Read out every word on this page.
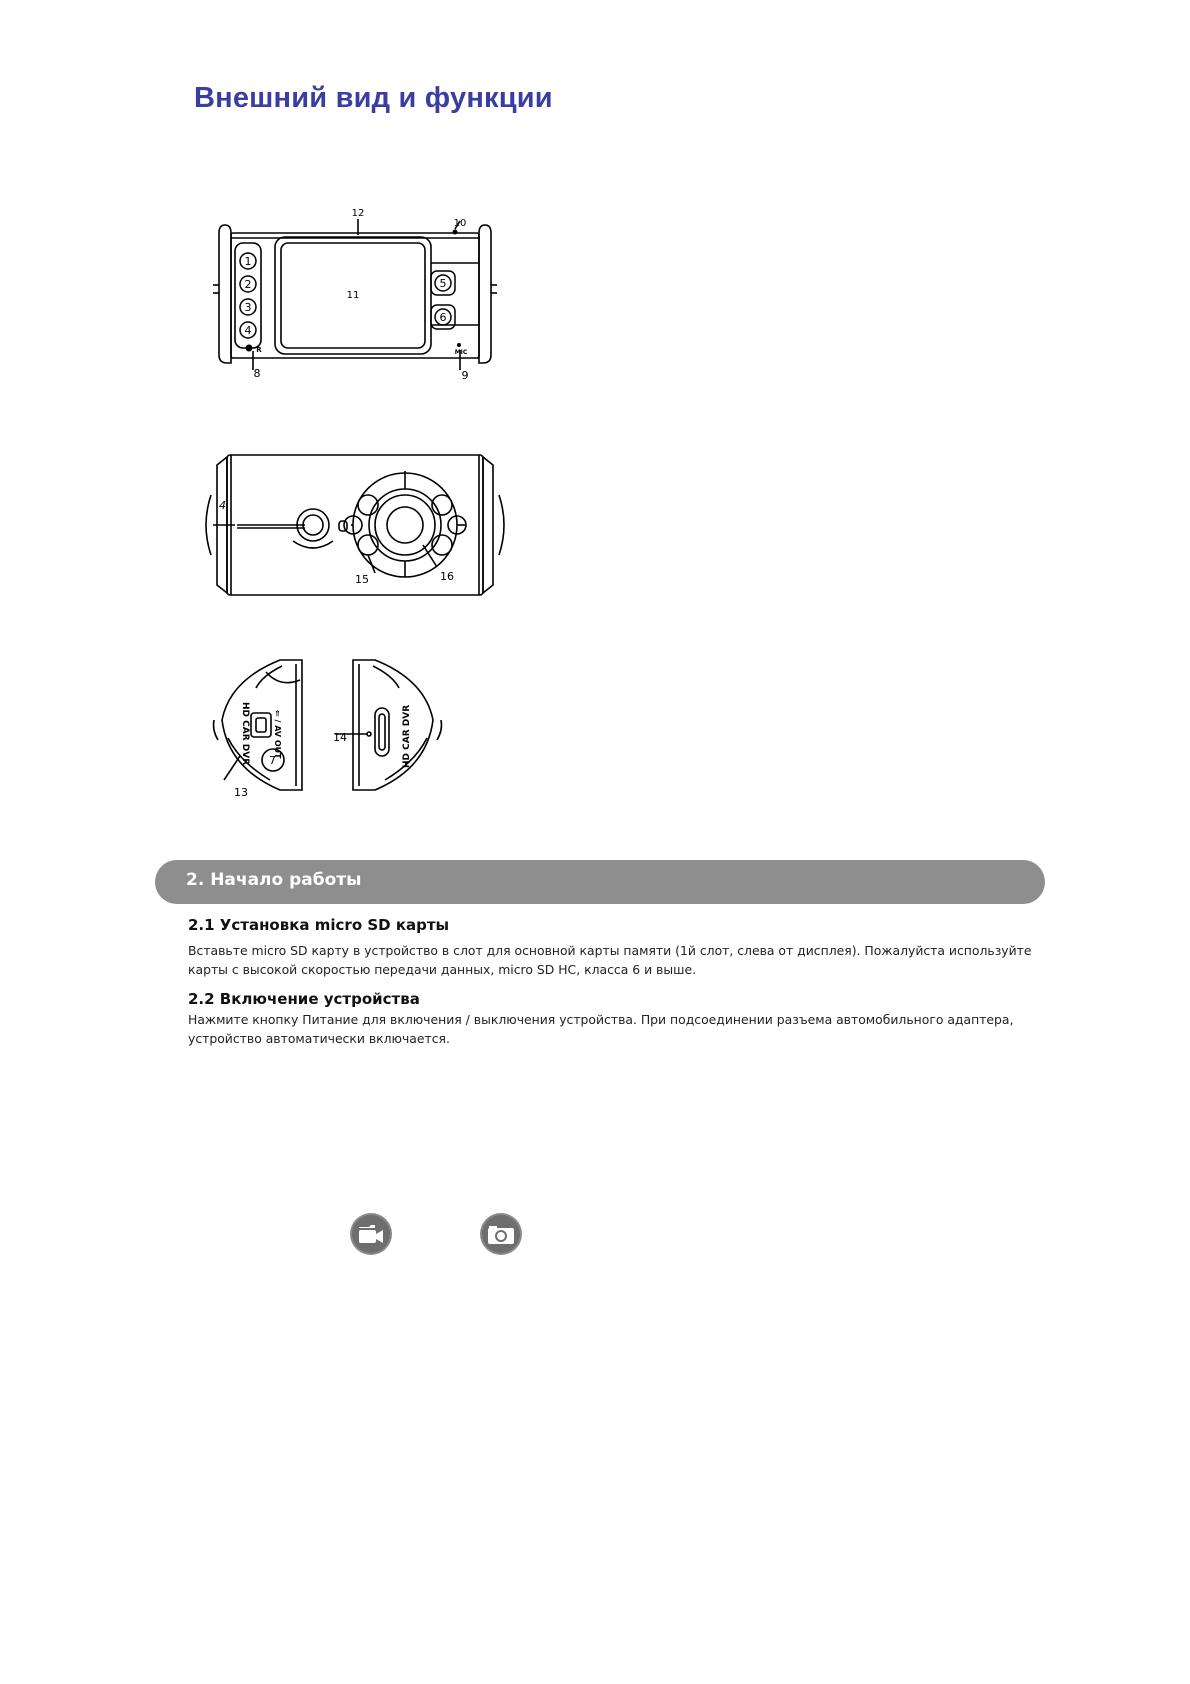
Внешний вид и функции
1
2
3
4
5
6
8	9
10
11
12
R	MIC
4
15	16
HD CAR DVR	⇐ / AV OUT
7
13
HD CAR DVR
14
2. Начало работы
2.1 Установка micro SD карты
Вставьте micro SD карту в устройство в слот для основной карты памяти (1й слот, слева от дисплея). Пожалуйста используйте
карты с высокой скоростью передачи данных, micro SD HC, класса 6 и выше.
2.2 Включение устройства
Нажмите кнопку Питание для включения / выключения устройства. При подсоединении разъема автомобильного адаптера,
устройство автоматически включается.
